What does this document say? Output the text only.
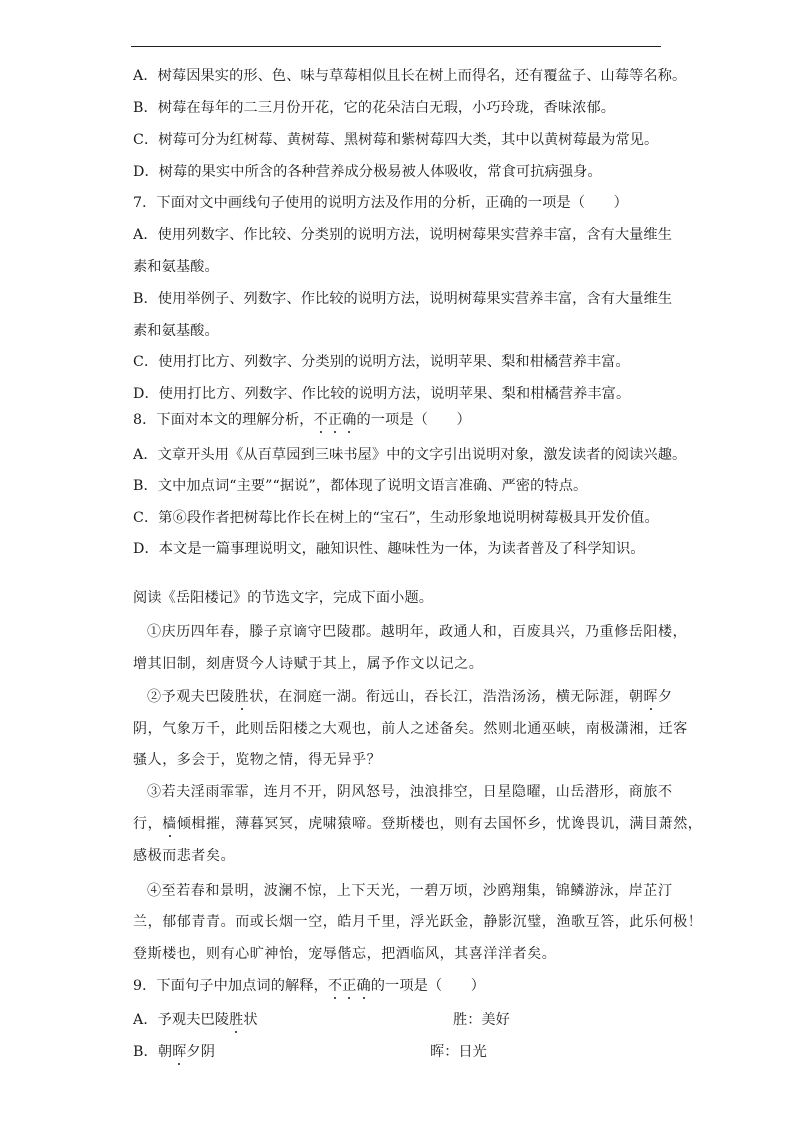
A．树莓因果实的形、色、味与草莓相似且长在树上而得名，还有覆盆子、山莓等名称。
B．树莓在每年的二三月份开花，它的花朵洁白无瑕，小巧玲珑，香味浓郁。
C．树莓可分为红树莓、黄树莓、黑树莓和紫树莓四大类，其中以黄树莓最为常见。
D．树莓的果实中所含的各种营养成分极易被人体吸收，常食可抗病强身。
7．下面对文中画线句子使用的说明方法及作用的分析，正确的一项是（　　）
A．使用列数字、作比较、分类别的说明方法，说明树莓果实营养丰富，含有大量维生
素和氨基酸。
B．使用举例子、列数字、作比较的说明方法，说明树莓果实营养丰富，含有大量维生
素和氨基酸。
C．使用打比方、列数字、分类别的说明方法，说明苹果、梨和柑橘营养丰富。
D．使用打比方、列数字、作比较的说明方法，说明苹果、梨和柑橘营养丰富。
8．下面对本文的理解分析，不正确的一项是（　　）
A．文章开头用《从百草园到三味书屋》中的文字引出说明对象，激发读者的阅读兴趣。
B．文中加点词“主要”“据说”，都体现了说明文语言准确、严密的特点。
C．第⑥段作者把树莓比作长在树上的“宝石”，生动形象地说明树莓极具开发价值。
D．本文是一篇事理说明文，融知识性、趣味性为一体，为读者普及了科学知识。
阅读《岳阳楼记》的节选文字，完成下面小题。
①庆历四年春，滕子京谪守巴陵郡。越明年，政通人和，百废具兴，乃重修岳阳楼，
增其旧制，刻唐贤今人诗赋于其上，属予作文以记之。
②予观夫巴陵胜状，在洞庭一湖。衔远山，吞长江，浩浩汤汤，横无际涯，朝晖夕
阴，气象万千，此则岳阳楼之大观也，前人之述备矣。然则北通巫峡，南极潇湘，迁客
骚人，多会于，览物之情，得无异乎？
③若夫淫雨霏霏，连月不开，阴风怒号，浊浪排空，日星隐曜，山岳潜形，商旅不
行，樯倾楫摧，薄暮冥冥，虎啸猿啼。登斯楼也，则有去国怀乡，忧谗畏讥，满目萧然，
感极而悲者矣。
④至若春和景明，波澜不惊，上下天光，一碧万顷，沙鸥翔集，锦鳞游泳，岸芷汀
兰，郁郁青青。而或长烟一空，皓月千里，浮光跃金，静影沉璧，渔歌互答，此乐何极！
登斯楼也，则有心旷神怡，宠辱偕忘，把酒临风，其喜洋洋者矣。
9．下面句子中加点词的解释，不正确的一项是（　　）
A．予观夫巴陵胜状	胜：美好
B．朝晖夕阴	晖：日光
